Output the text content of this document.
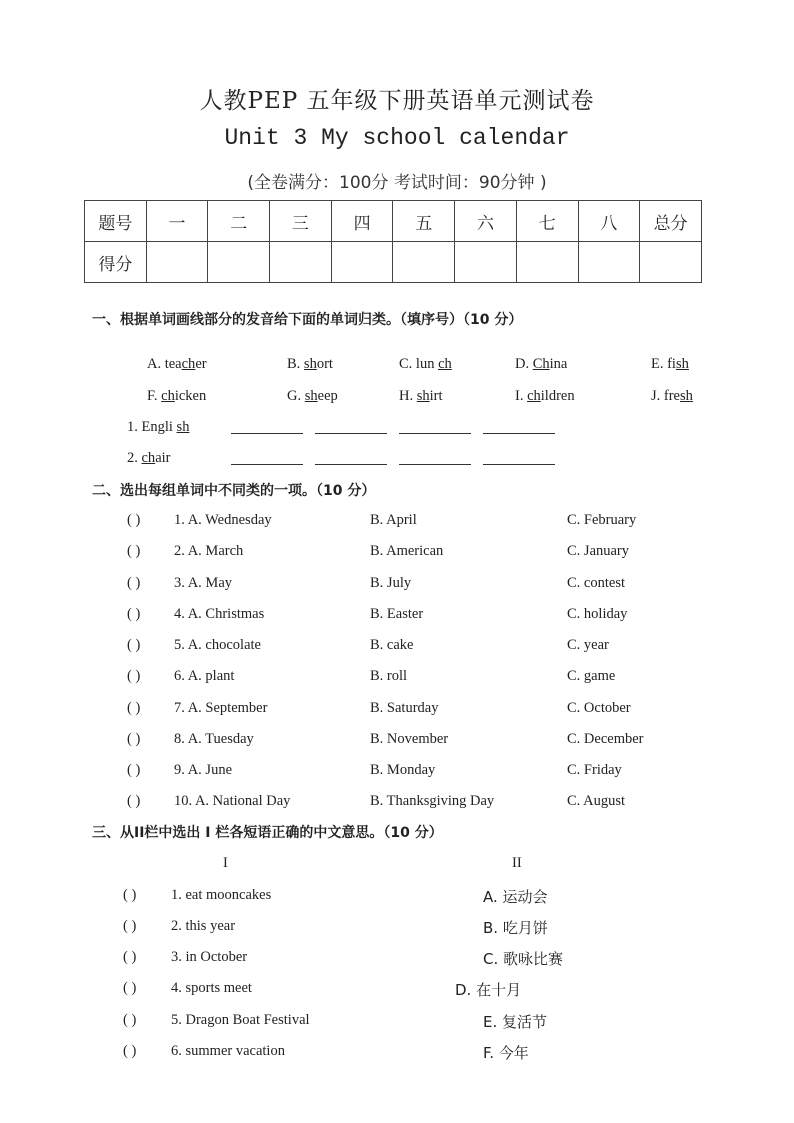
人教PEP 五年级下册英语单元测试卷
Unit 3 My school calendar
(全卷满分：100分 考试时间：90分钟 )
题号	一	二	三	四	五	六	七	八	总分
得分									
一、根据单词画线部分的发音给下面的单词归类。（填序号）（10 分）
A. teacher	B. short	C. lun ch	D. China	E. fish
F. chicken	G. sheep	H. shirt	I. children	J. fresh
1. Engli sh
2. chair
二、选出每组单词中不同类的一项。（10 分）
( ) 1. A. Wednesday	B. April	C. February
( ) 2. A. March	B. American	C. January
( ) 3. A. May	B. July	C. contest
( ) 4. A. Christmas	B. Easter	C. holiday
( ) 5. A. chocolate	B. cake	C. year
( ) 6. A. plant	B. roll	C. game
( ) 7. A. September	B. Saturday	C. October
( ) 8. A. Tuesday	B. November	C. December
( ) 9. A. June	B. Monday	C. Friday
( ) 10. A. National Day	B. Thanksgiving Day	C. August
三、从II栏中选出 I 栏各短语正确的中文意思。（10 分）
I	II
( ) 1. eat mooncakes	A. 运动会
( ) 2. this year	B. 吃月饼
( ) 3. in October	C. 歌咏比赛
( ) 4. sports meet	D. 在十月
( ) 5. Dragon Boat Festival	E. 复活节
( ) 6. summer vacation	F. 今年
